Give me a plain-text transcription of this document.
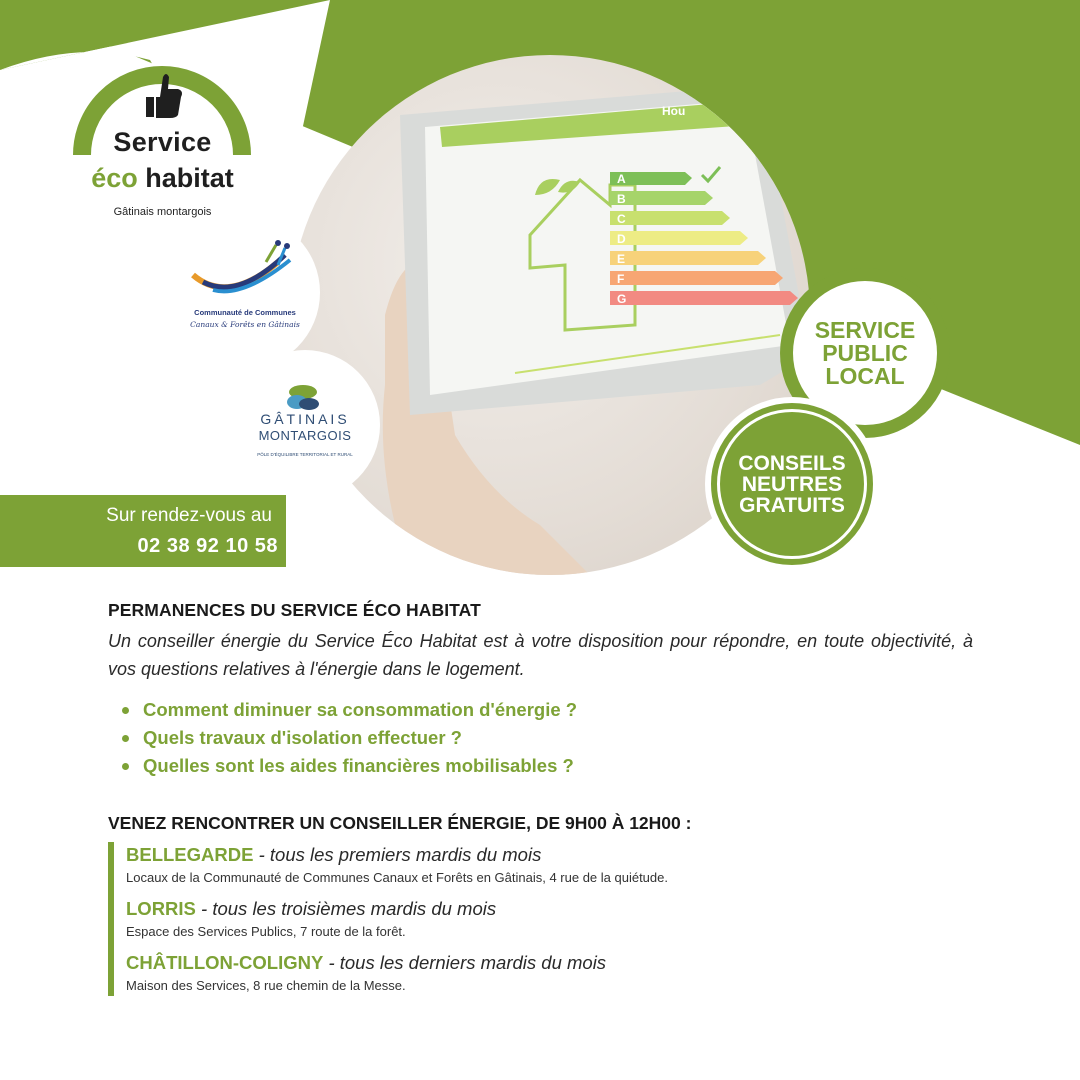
Hou
A
B
C
D
E
F
G
Service
éco habitat
Gâtinais montargois
Communauté de Communes
Canaux & Forêts en Gâtinais
GÂTINAIS
MONTARGOIS
PÔLE D'ÉQUILIBRE TERRITORIAL ET RURAL
Sur rendez-vous au
02 38 92 10 58
SERVICE
PUBLIC
LOCAL
CONSEILS
NEUTRES
GRATUITS
PERMANENCES DU SERVICE ÉCO HABITAT

Un conseiller énergie du Service Éco Habitat est à votre disposition pour répondre, en toute objectivité, à vos questions relatives à l'énergie dans le logement.

Comment diminuer sa consommation d'énergie ?
Quels travaux d'isolation effectuer ?
Quelles sont les aides financières mobilisables ?
VENEZ RENCONTRER UN CONSEILLER ÉNERGIE, DE 9H00 À 12H00 :
BELLEGARDE - tous les premiers mardis du mois
Locaux de la Communauté de Communes Canaux et Forêts en Gâtinais, 4 rue de la quiétude.
LORRIS - tous les troisièmes mardis du mois
Espace des Services Publics, 7 route de la forêt.
CHÂTILLON-COLIGNY - tous les derniers mardis du mois
Maison des Services, 8 rue chemin de la Messe.
